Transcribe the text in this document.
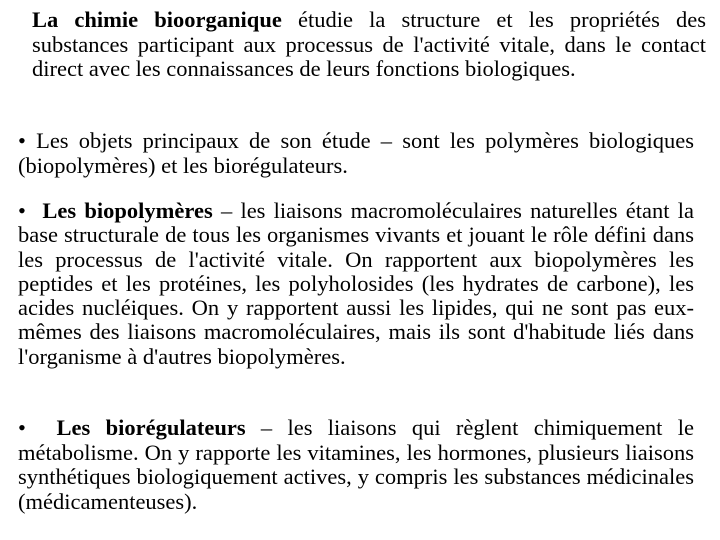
La chimie bioorganique étudie la structure et les propriétés des substances participant aux processus de l'activité vitale, dans le contact direct avec les connaissances de leurs fonctions biologiques.

• Les objets principaux de son étude – sont les polymères biologiques (biopolymères) et les biorégulateurs.

• Les biopolymères – les liaisons macromoléculaires naturelles étant la base structurale de tous les organismes vivants et jouant le rôle défini dans les processus de l'activité vitale. On rapportent aux biopolymères les peptides et les protéines, les polyholosides (les hydrates de carbone), les acides nucléiques. On y rapportent aussi les lipides, qui ne sont pas eux-mêmes des liaisons macromoléculaires, mais ils sont d'habitude liés dans l'organisme à d'autres biopolymères.

• Les biorégulateurs – les liaisons qui règlent chimiquement le métabolisme. On y rapporte les vitamines, les hormones, plusieurs liaisons synthétiques biologiquement actives, y compris les substances médicinales (médicamenteuses).
